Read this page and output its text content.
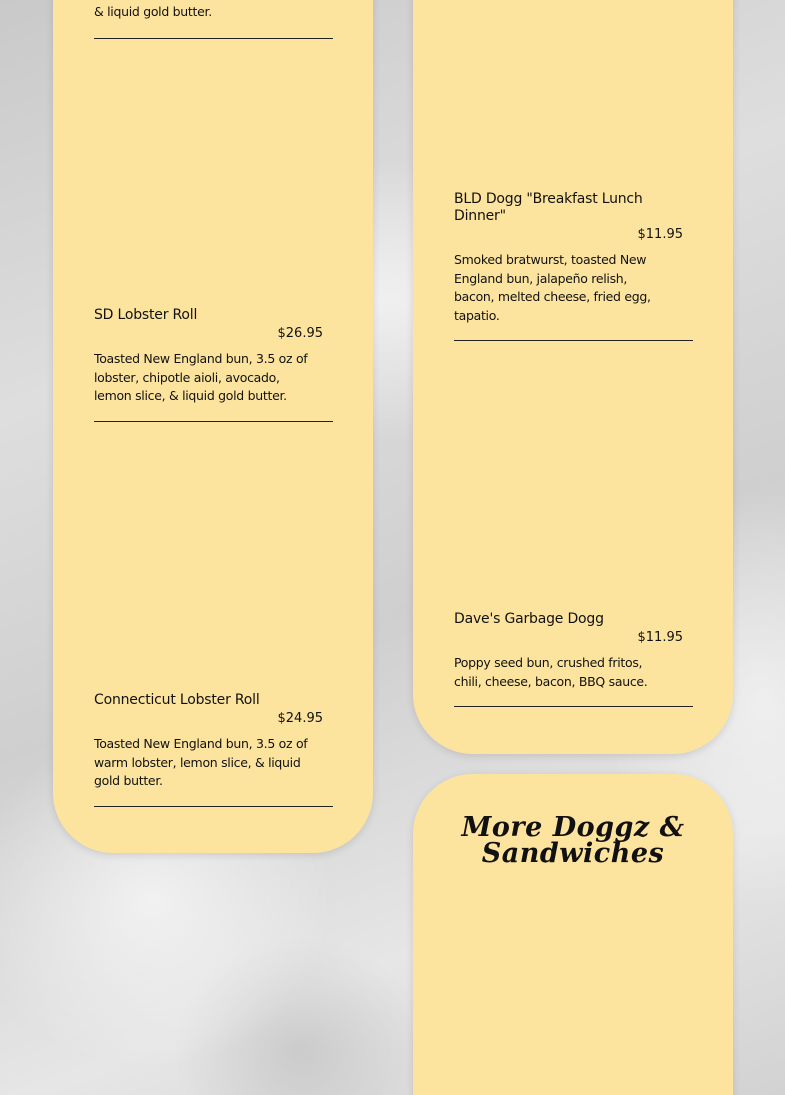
& liquid gold butter.
SD Lobster Roll
$26.95
Toasted New England bun, 3.5 oz of lobster, chipotle aioli, avocado, lemon slice, & liquid gold butter.
Connecticut Lobster Roll
$24.95
Toasted New England bun, 3.5 oz of warm lobster, lemon slice, & liquid gold butter.
BLD Dogg "Breakfast Lunch Dinner"
$11.95
Smoked bratwurst, toasted New England bun, jalapeño relish, bacon, melted cheese, fried egg, tapatio.
Dave's Garbage Dogg
$11.95
Poppy seed bun, crushed fritos, chili, cheese, bacon, BBQ sauce.
More Doggz & Sandwiches
